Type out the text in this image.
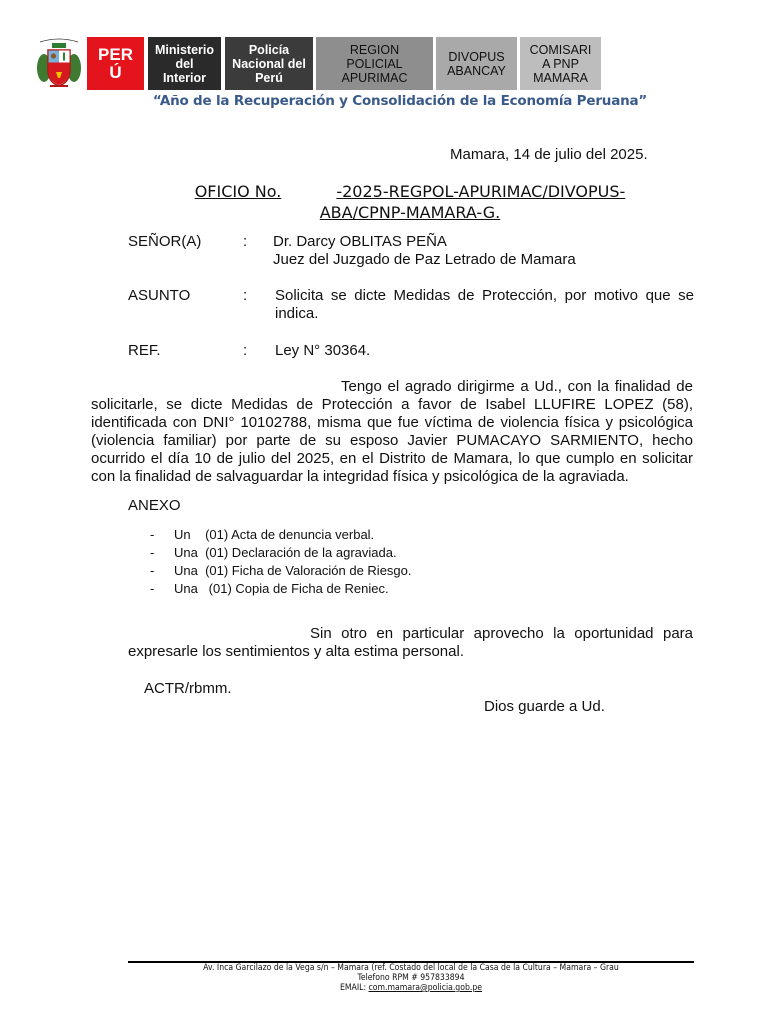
PER
Ú
Ministerio
del
Interior
Policía
Nacional del
Perú
REGION
POLICIAL
APURIMAC
DIVOPUS
ABANCAY
COMISARI
A PNP
MAMARA
“Año de la Recuperación y Consolidación de la Economía Peruana”
Mamara, 14 de julio del 2025.
OFICIO No.	-2025-REGPOL-APURIMAC/DIVOPUS-
ABA/CPNP-MAMARA-G.
SEÑOR(A)	: Dr. Darcy OBLITAS PEÑA
Juez del Juzgado de Paz Letrado de Mamara
ASUNTO	: Solicita se dicte Medidas de Protección, por motivo que se indica.
REF.	: Ley N° 30364.
Tengo el agrado dirigirme a Ud., con la finalidad de solicitarle, se dicte Medidas de Protección a favor de Isabel LLUFIRE LOPEZ (58), identificada con DNI° 10102788, misma que fue víctima de violencia física y psicológica (violencia familiar) por parte de su esposo Javier PUMACAYO SARMIENTO, hecho ocurrido el día 10 de julio del 2025, en el Distrito de Mamara, lo que cumplo en solicitar con la finalidad de salvaguardar la integridad física y psicológica de la agraviada.
ANEXO
-	Un    (01) Acta de denuncia verbal.
-	Una  (01) Declaración de la agraviada.
-	Una  (01) Ficha de Valoración de Riesgo.
-	Una   (01) Copia de Ficha de Reniec.
Sin otro en particular aprovecho la oportunidad para expresarle los sentimientos y alta estima personal.
ACTR/rbmm.
Dios guarde a Ud.
Av. Inca Garcilazo de la Vega s/n – Mamara (ref. Costado del local de la Casa de la Cultura – Mamara – Grau
Telefono RPM # 957833894
EMAIL: com.mamara@policia.gob.pe
